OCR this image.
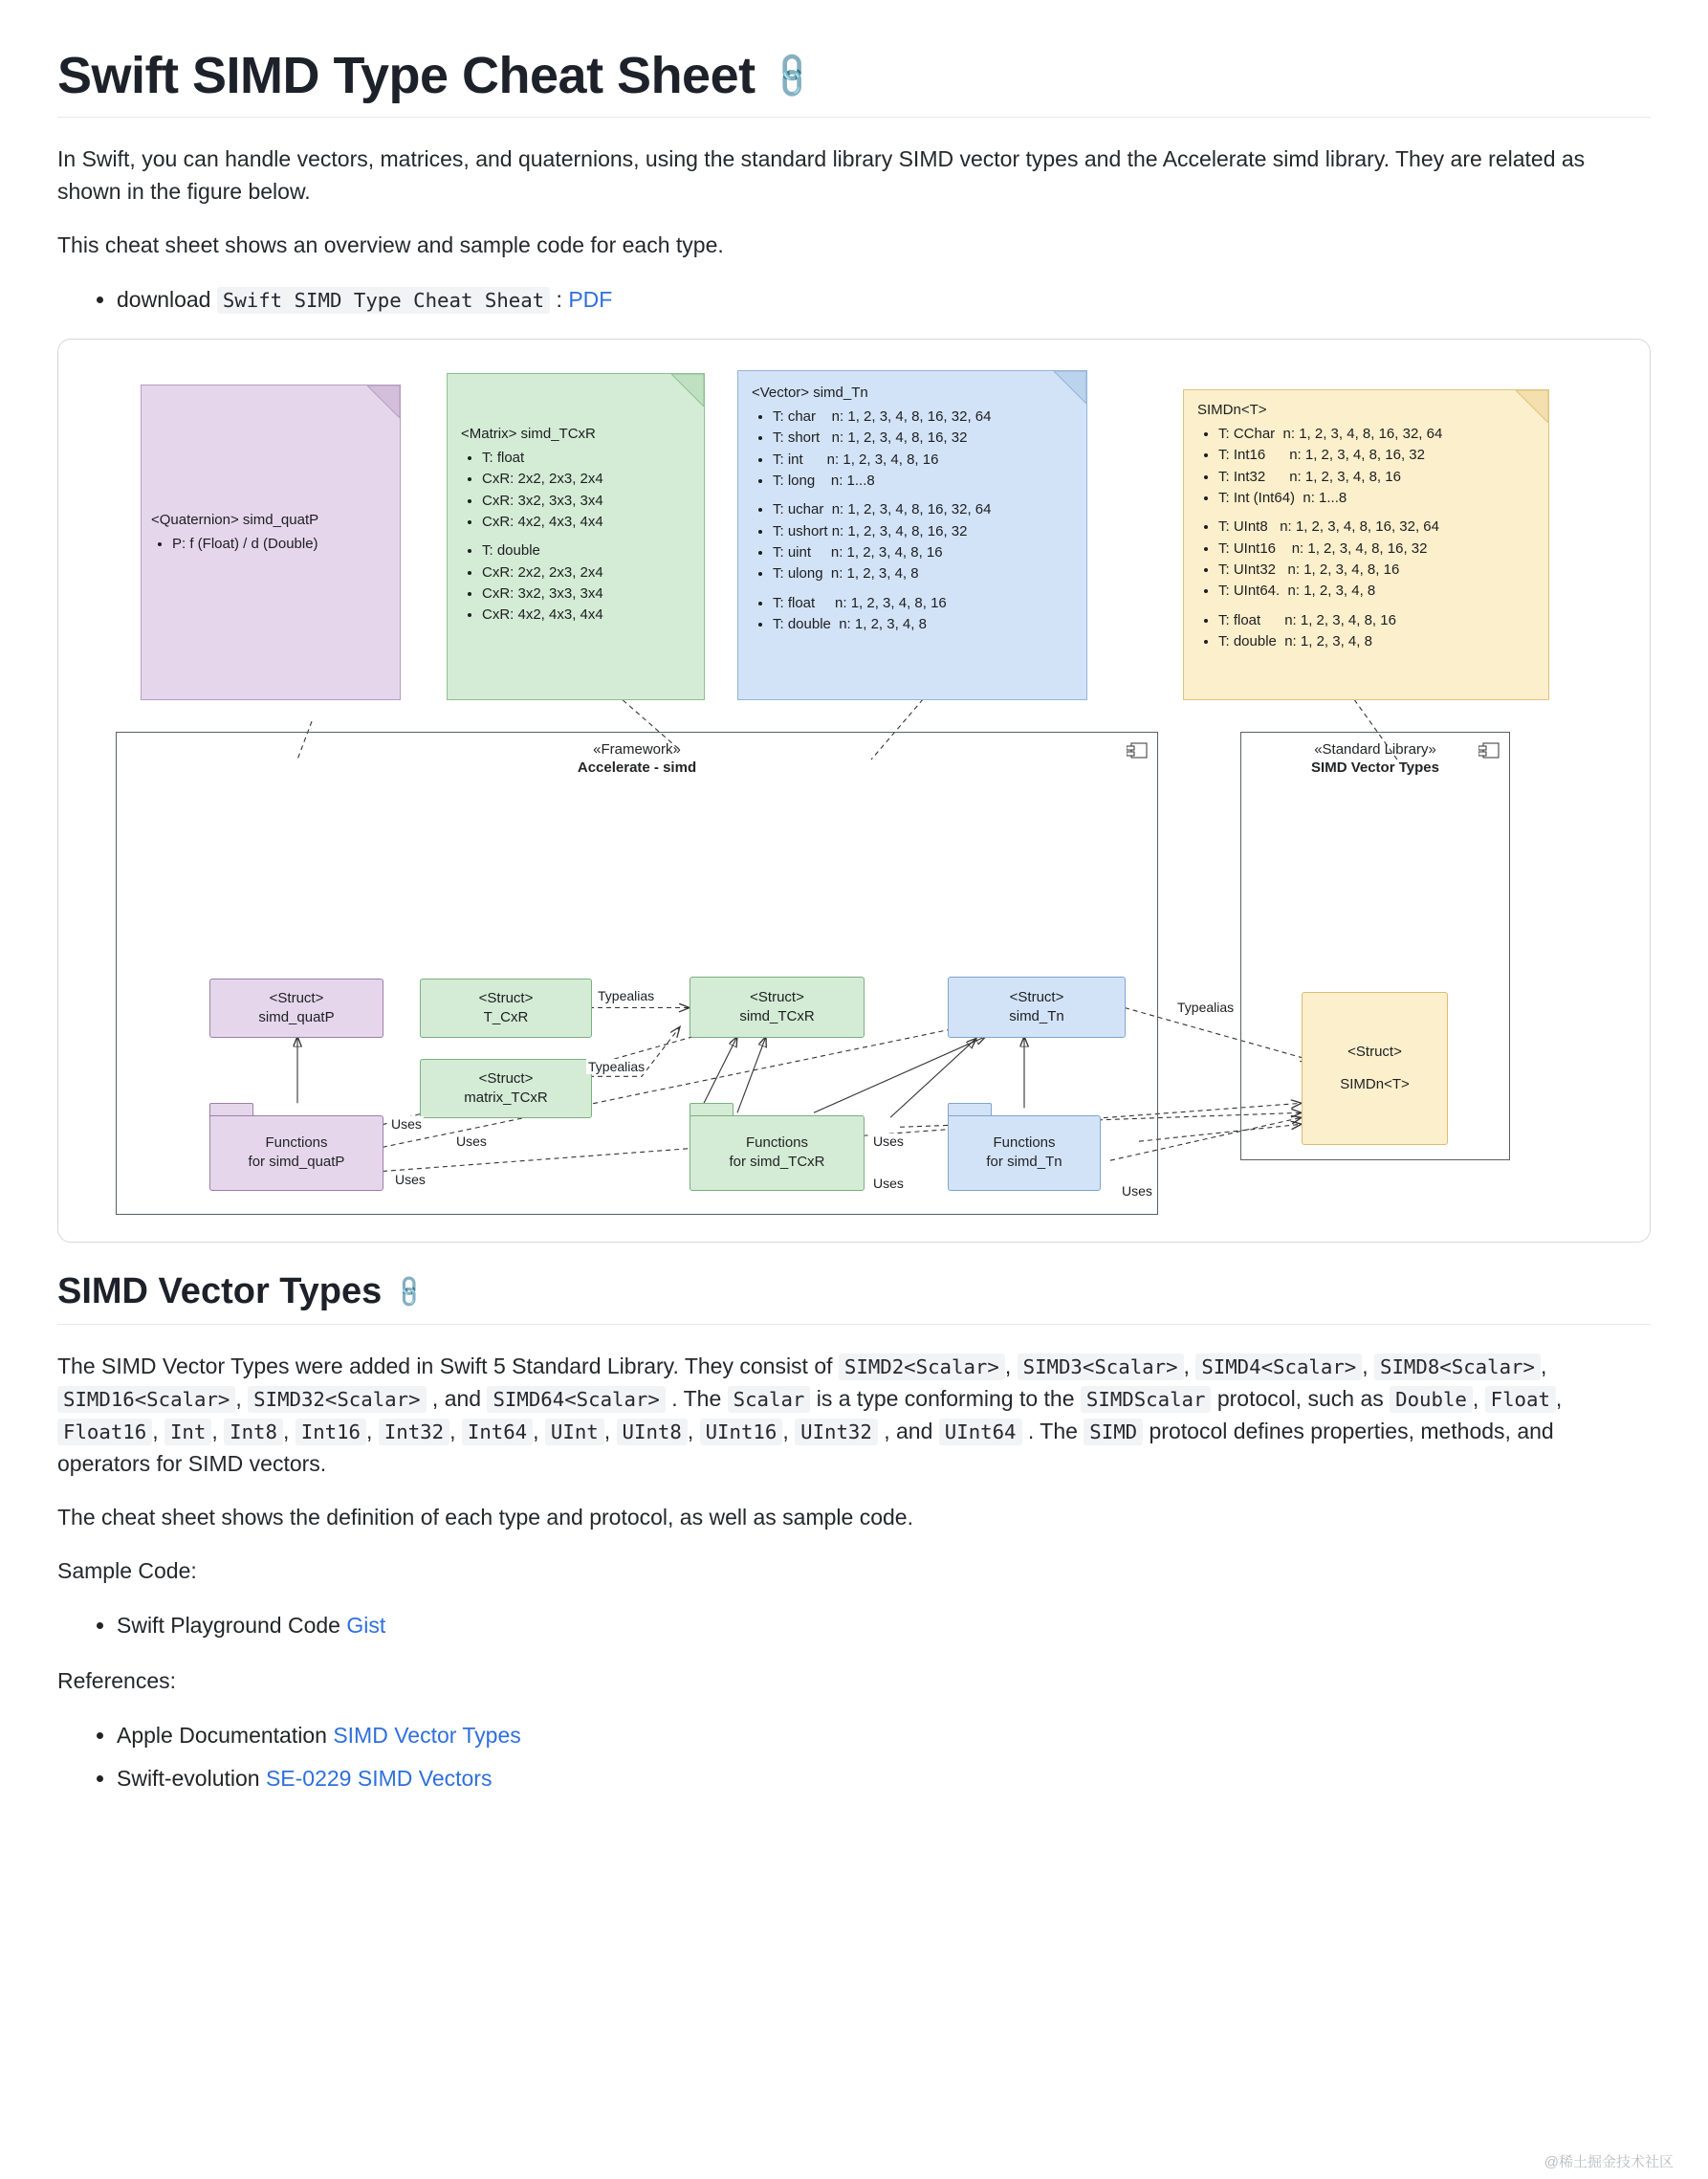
Swift SIMD Type Cheat Sheet 🔗

In Swift, you can handle vectors, matrices, and quaternions, using the standard library SIMD vector types and the Accelerate simd library. They are related as shown in the figure below.

This cheat sheet shows an overview and sample code for each type.

• download Swift SIMD Type Cheat Sheat : PDF
<Quaternion> simd_quatP
• P: f (Float) / d (Double)
<Matrix> simd_TCxR
• T: float
• CxR: 2x2, 2x3, 2x4
• CxR: 3x2, 3x3, 3x4
• CxR: 4x2, 4x3, 4x4
• T: double
• CxR: 2x2, 2x3, 2x4
• CxR: 3x2, 3x3, 3x4
• CxR: 4x2, 4x3, 4x4
<Vector> simd_Tn
• T: char    n: 1, 2, 3, 4, 8, 16, 32, 64
• T: short   n: 1, 2, 3, 4, 8, 16, 32
• T: int      n: 1, 2, 3, 4, 8, 16
• T: long    n: 1...8
• T: uchar  n: 1, 2, 3, 4, 8, 16, 32, 64
• T: ushort n: 1, 2, 3, 4, 8, 16, 32
• T: uint     n: 1, 2, 3, 4, 8, 16
• T: ulong  n: 1, 2, 3, 4, 8
• T: float     n: 1, 2, 3, 4, 8, 16
• T: double  n: 1, 2, 3, 4, 8
SIMDn<T>
• T: CChar  n: 1, 2, 3, 4, 8, 16, 32, 64
• T: Int16      n: 1, 2, 3, 4, 8, 16, 32
• T: Int32      n: 1, 2, 3, 4, 8, 16
• T: Int (Int64)  n: 1...8
• T: UInt8   n: 1, 2, 3, 4, 8, 16, 32, 64
• T: UInt16    n: 1, 2, 3, 4, 8, 16, 32
• T: UInt32   n: 1, 2, 3, 4, 8, 16
• T: UInt64.  n: 1, 2, 3, 4, 8
• T: float      n: 1, 2, 3, 4, 8, 16
• T: double  n: 1, 2, 3, 4, 8
«Framework»
Accelerate - simd
«Standard Library»
SIMD Vector Types
<Struct>
simd_quatP
<Struct>
T_CxR
<Struct>
matrix_TCxR
<Struct>
simd_TCxR
<Struct>
simd_Tn
<Struct>
SIMDn<T>
Functions
for simd_quatP
Functions
for simd_TCxR
Functions
for simd_Tn
Typealias
Typealias
Typealias
Uses
Uses
Uses
Uses
Uses	Uses
SIMD Vector Types 🔗

The SIMD Vector Types were added in Swift 5 Standard Library. They consist of SIMD2<Scalar> , SIMD3<Scalar> , SIMD4<Scalar> , SIMD8<Scalar> , SIMD16<Scalar> , SIMD32<Scalar> , and SIMD64<Scalar> . The Scalar is a type conforming to the SIMDScalar protocol, such as Double , Float , Float16 , Int , Int8 , Int16 , Int32 , Int64 , UInt , UInt8 , UInt16 , UInt32 , and UInt64 . The SIMD protocol defines properties, methods, and operators for SIMD vectors.

The cheat sheet shows the definition of each type and protocol, as well as sample code.

Sample Code:

• Swift Playground Code Gist

References:

• Apple Documentation SIMD Vector Types
• Swift-evolution SE-0229 SIMD Vectors
@稀土掘金技术社区
